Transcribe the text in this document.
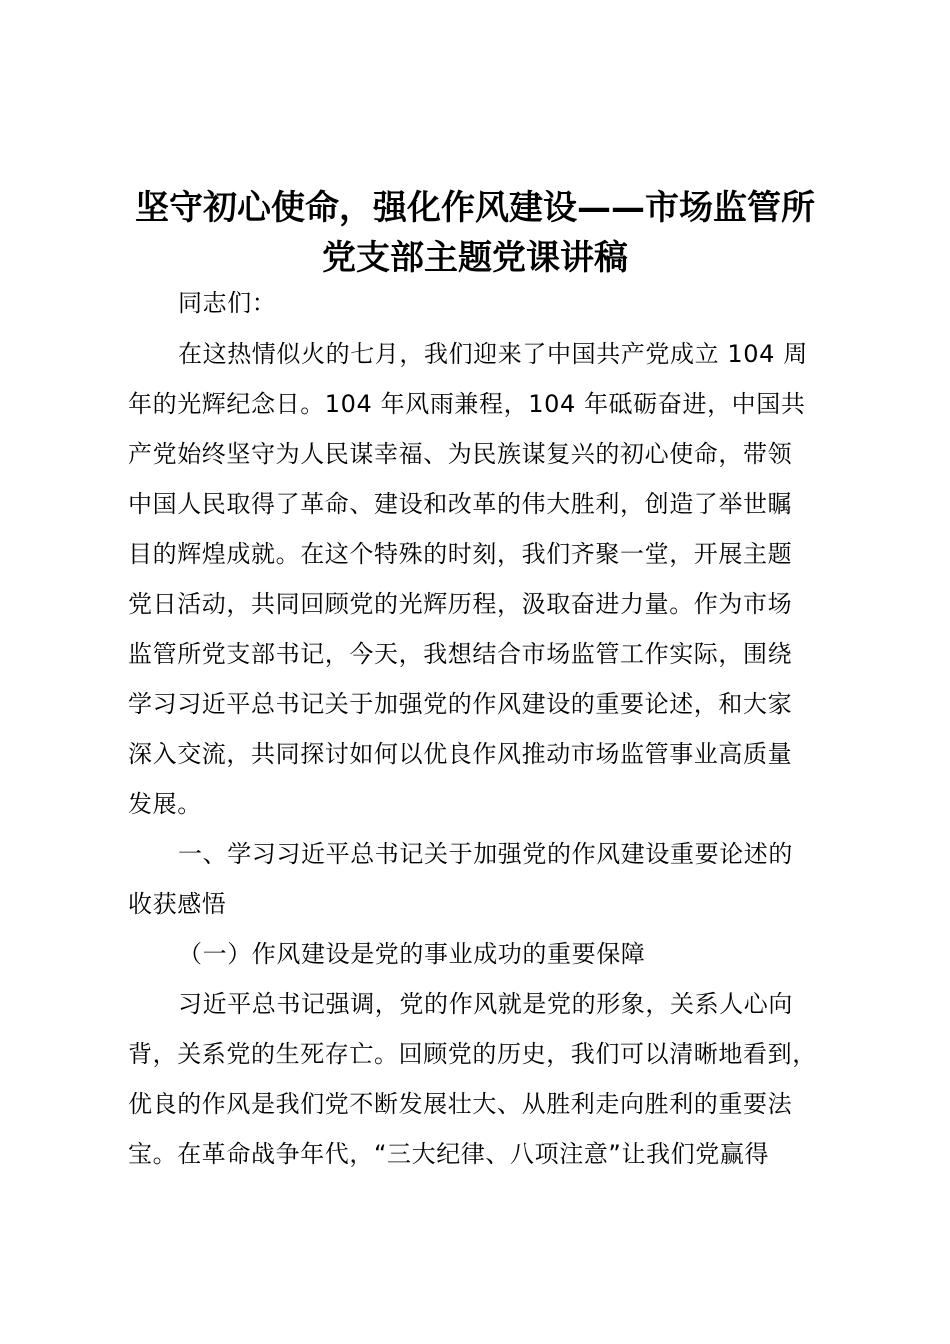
坚守初心使命，强化作风建设——市场监管所
党支部主题党课讲稿
同志们：
在这热情似火的七月，我们迎来了中国共产党成立 104 周
年的光辉纪念日。104 年风雨兼程，104 年砥砺奋进，中国共
产党始终坚守为人民谋幸福、为民族谋复兴的初心使命，带领
中国人民取得了革命、建设和改革的伟大胜利，创造了举世瞩
目的辉煌成就。在这个特殊的时刻，我们齐聚一堂，开展主题
党日活动，共同回顾党的光辉历程，汲取奋进力量。作为市场
监管所党支部书记，今天，我想结合市场监管工作实际，围绕
学习习近平总书记关于加强党的作风建设的重要论述，和大家
深入交流，共同探讨如何以优良作风推动市场监管事业高质量
发展。
一、学习习近平总书记关于加强党的作风建设重要论述的
收获感悟
（一）作风建设是党的事业成功的重要保障
习近平总书记强调，党的作风就是党的形象，关系人心向
背，关系党的生死存亡。回顾党的历史，我们可以清晰地看到，
优良的作风是我们党不断发展壮大、从胜利走向胜利的重要法
宝。在革命战争年代，“三大纪律、八项注意”让我们党赢得
